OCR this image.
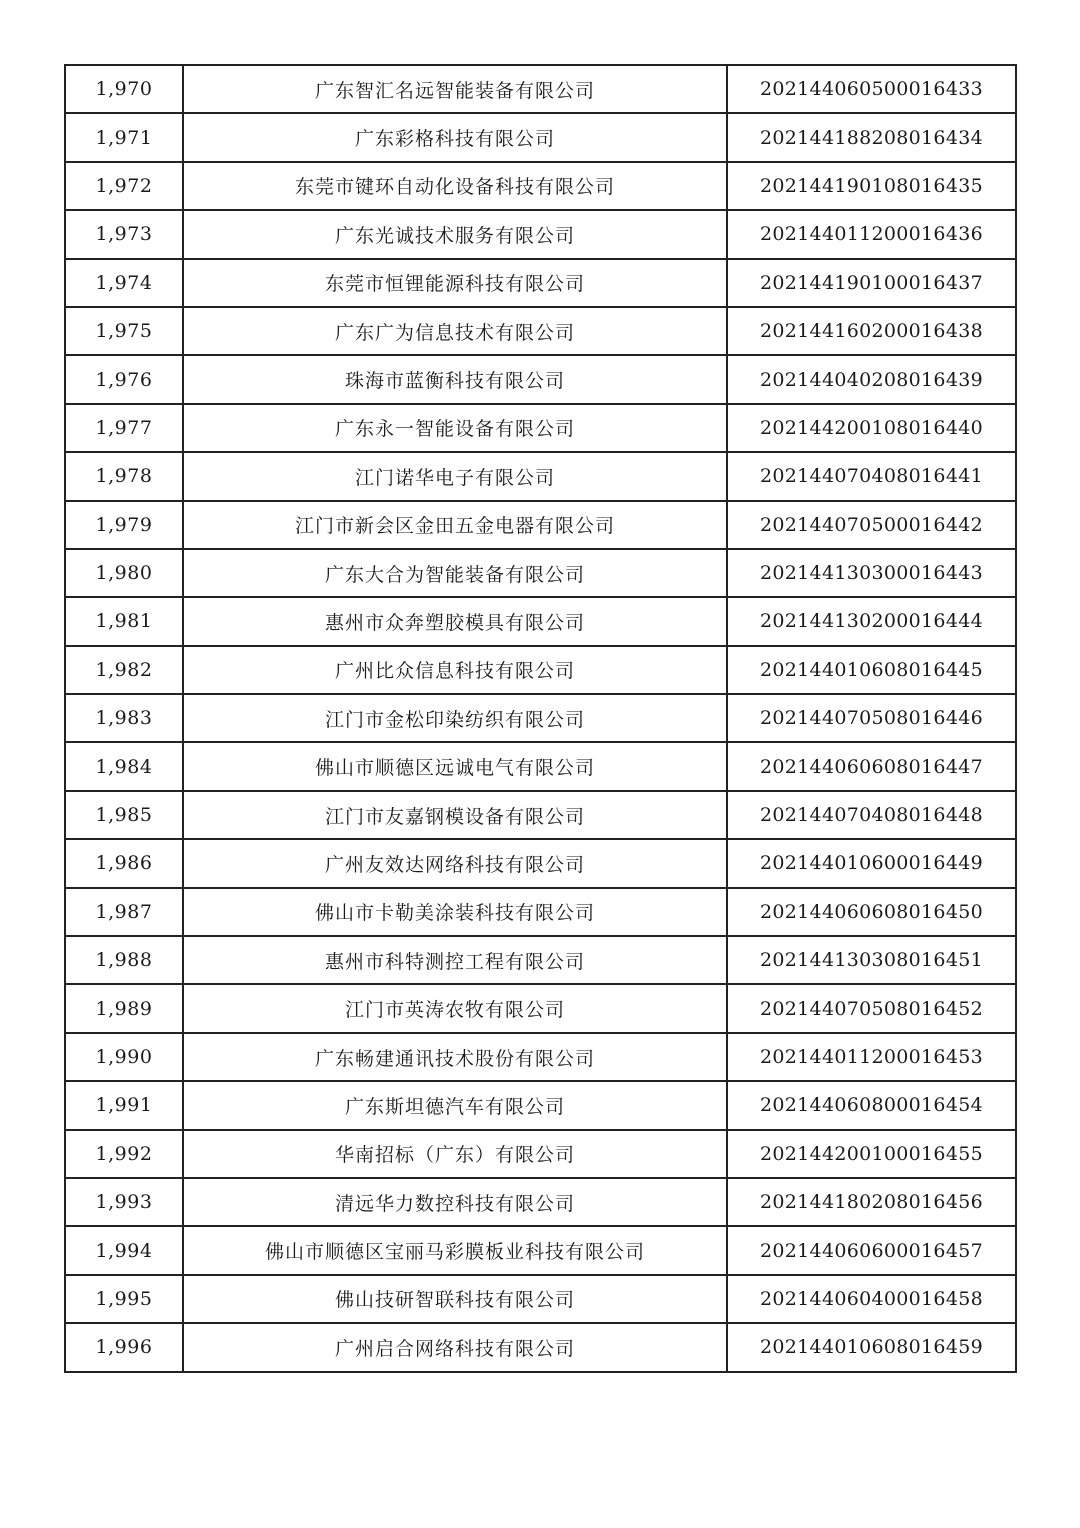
1,970	广东智汇名远智能装备有限公司	202144060500016433
1,971	广东彩格科技有限公司	202144188208016434
1,972	东莞市键环自动化设备科技有限公司	202144190108016435
1,973	广东光诚技术服务有限公司	202144011200016436
1,974	东莞市恒锂能源科技有限公司	202144190100016437
1,975	广东广为信息技术有限公司	202144160200016438
1,976	珠海市蓝衡科技有限公司	202144040208016439
1,977	广东永一智能设备有限公司	202144200108016440
1,978	江门诺华电子有限公司	202144070408016441
1,979	江门市新会区金田五金电器有限公司	202144070500016442
1,980	广东大合为智能装备有限公司	202144130300016443
1,981	惠州市众奔塑胶模具有限公司	202144130200016444
1,982	广州比众信息科技有限公司	202144010608016445
1,983	江门市金松印染纺织有限公司	202144070508016446
1,984	佛山市顺德区远诚电气有限公司	202144060608016447
1,985	江门市友嘉钢模设备有限公司	202144070408016448
1,986	广州友效达网络科技有限公司	202144010600016449
1,987	佛山市卡勒美涂装科技有限公司	202144060608016450
1,988	惠州市科特测控工程有限公司	202144130308016451
1,989	江门市英涛农牧有限公司	202144070508016452
1,990	广东畅建通讯技术股份有限公司	202144011200016453
1,991	广东斯坦德汽车有限公司	202144060800016454
1,992	华南招标（广东）有限公司	202144200100016455
1,993	清远华力数控科技有限公司	202144180208016456
1,994	佛山市顺德区宝丽马彩膜板业科技有限公司	202144060600016457
1,995	佛山技研智联科技有限公司	202144060400016458
1,996	广州启合网络科技有限公司	202144010608016459
